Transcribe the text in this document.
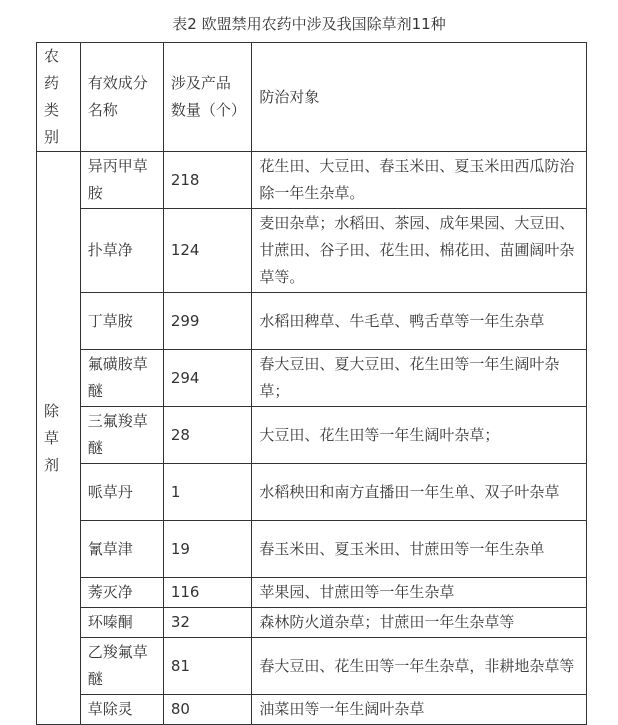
表2 欧盟禁用农药中涉及我国除草剂11种
农药类别	有效成分名称	涉及产品数量（个）	防治对象
除草剂	异丙甲草胺	218	花生田、大豆田、春玉米田、夏玉米田西瓜防治除一年生杂草。
	扑草净	124	麦田杂草；水稻田、茶园、成年果园、大豆田、甘蔗田、谷子田、花生田、棉花田、苗圃阔叶杂草等。
	丁草胺	299	水稻田稗草、牛毛草、鸭舌草等一年生杂草
	氟磺胺草醚	294	春大豆田、夏大豆田、花生田等一年生阔叶杂草；
	三氟羧草醚	28	大豆田、花生田等一年生阔叶杂草；
	哌草丹	1	水稻秧田和南方直播田一年生单、双子叶杂草
	氰草津	19	春玉米田、夏玉米田、甘蔗田等一年生杂单
	莠灭净	116	苹果园、甘蔗田等一年生杂草
	环嗪酮	32	森林防火道杂草；甘蔗田一年生杂草等
	乙羧氟草醚	81	春大豆田、花生田等一年生杂草，非耕地杂草等
	草除灵	80	油菜田等一年生阔叶杂草
